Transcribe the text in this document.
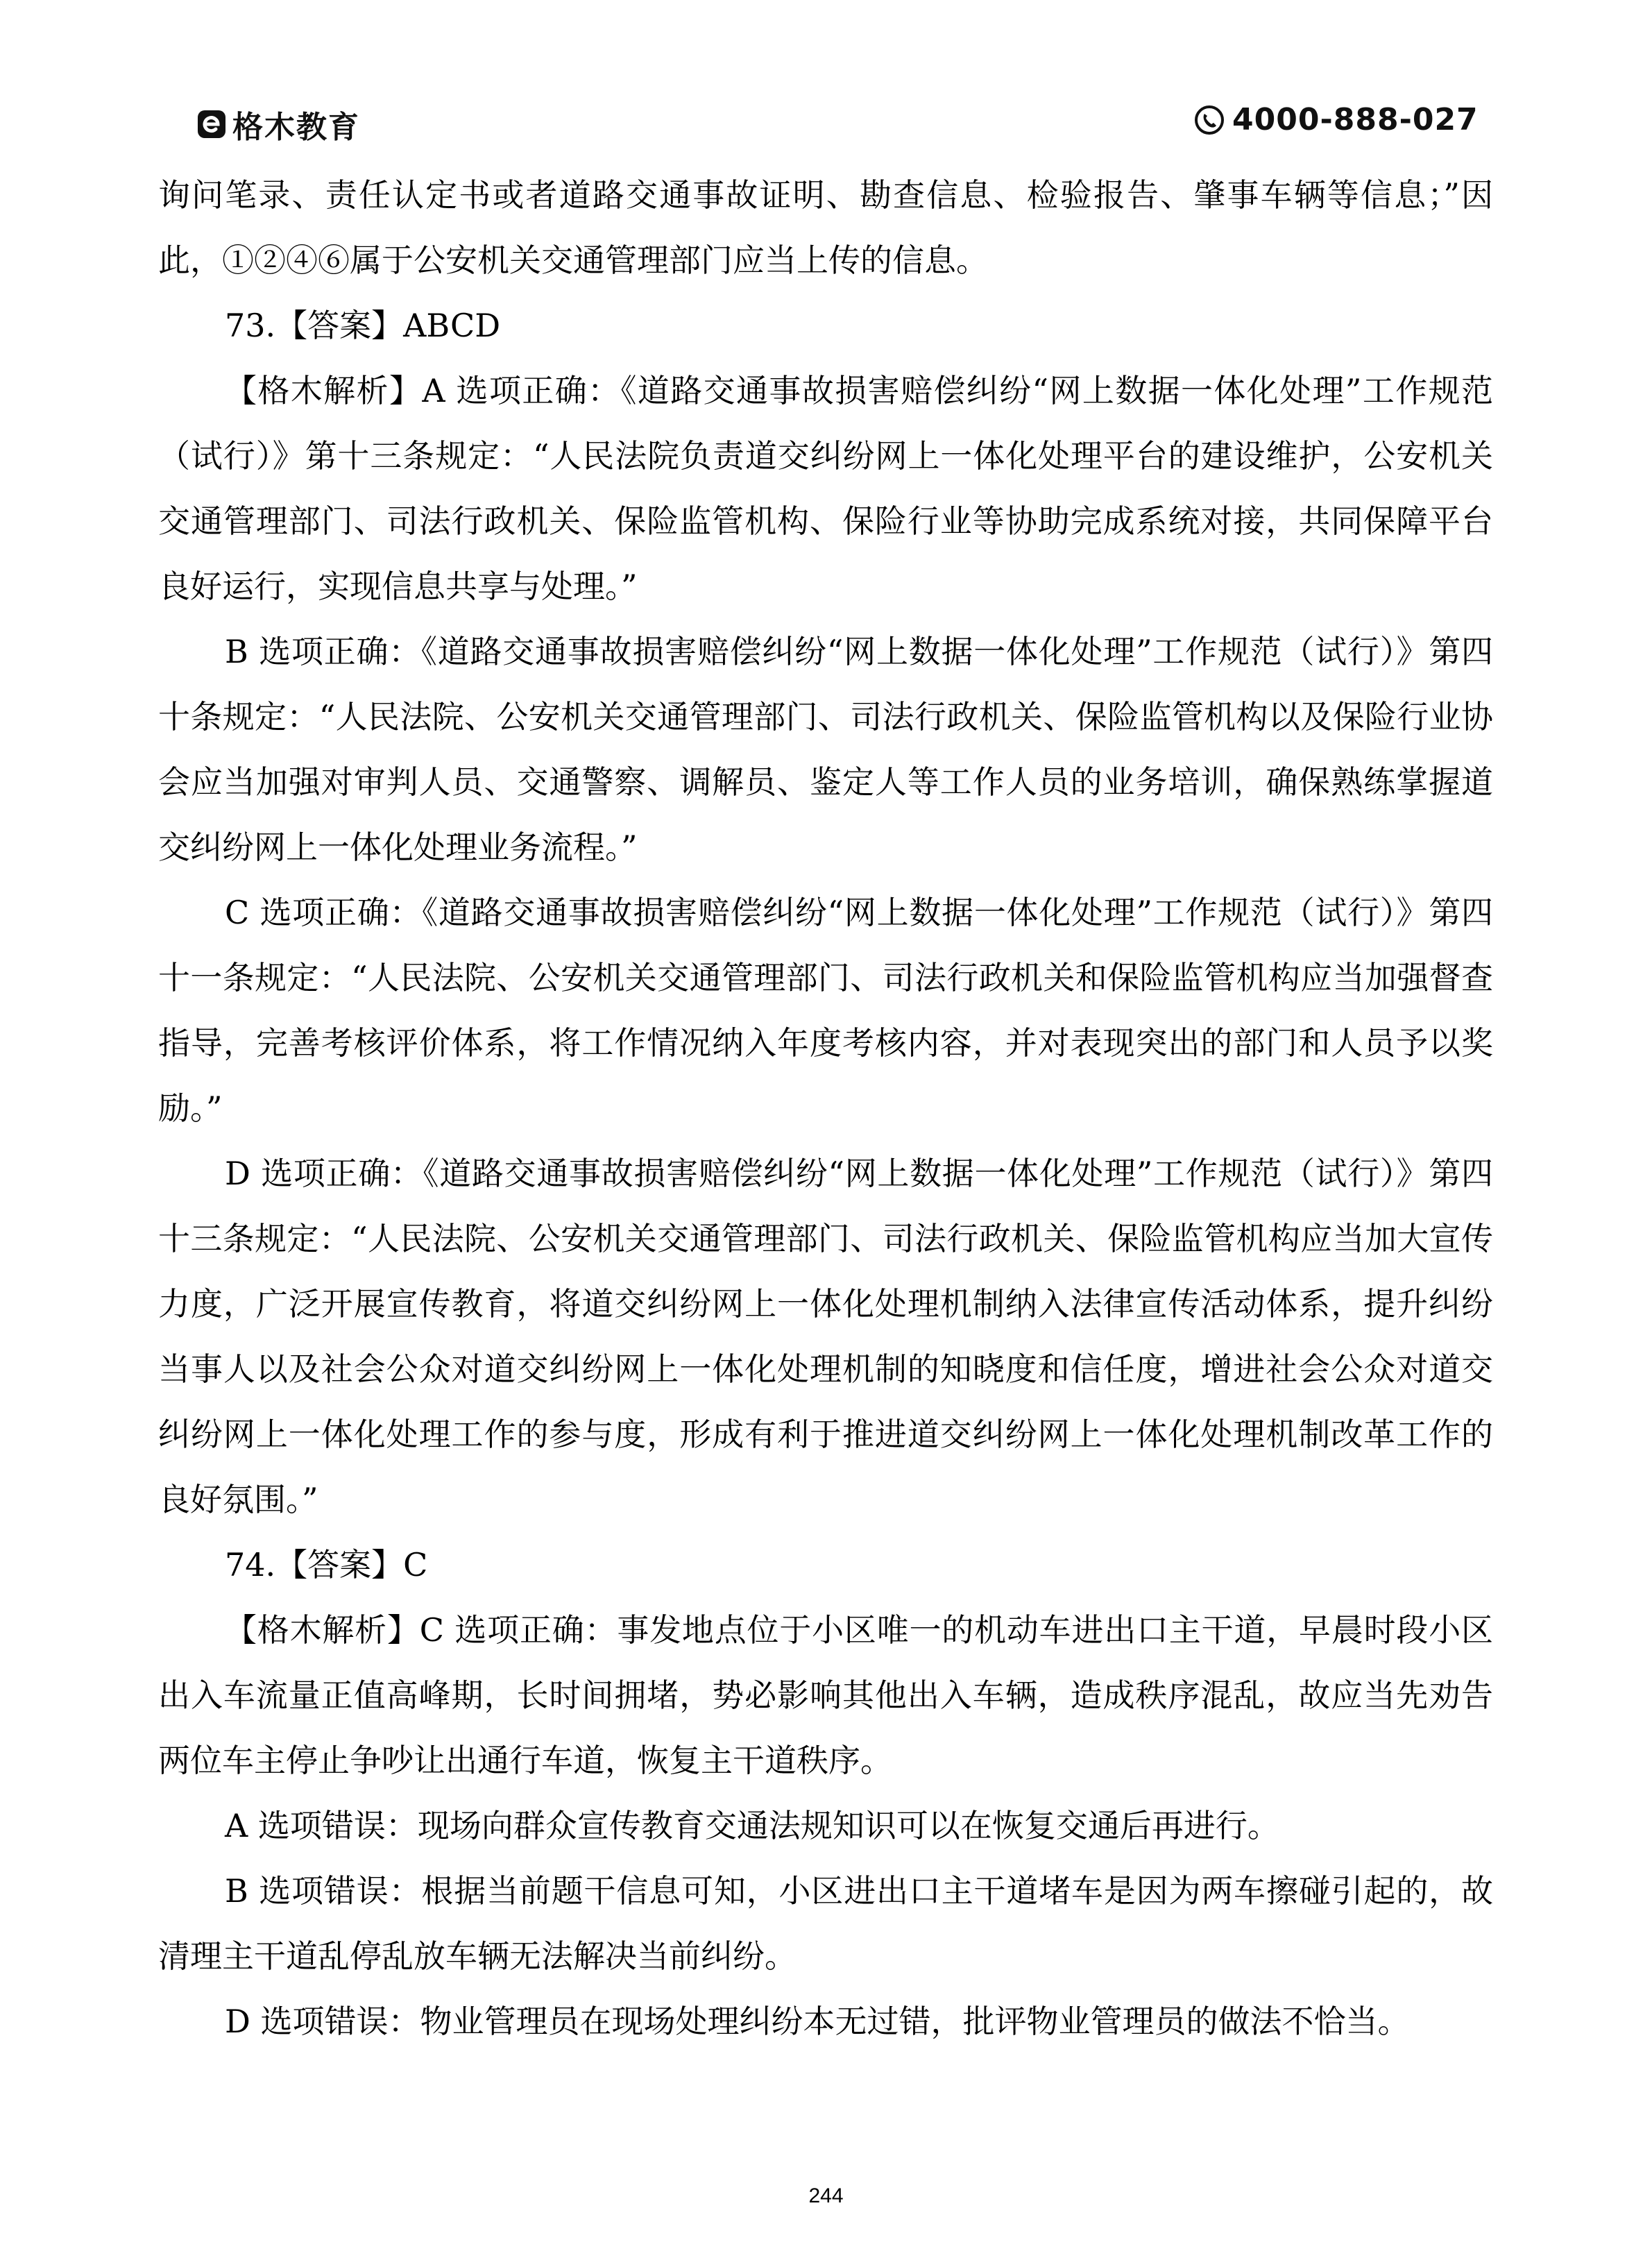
格木教育	4000-888-027

询问笔录、责任认定书或者道路交通事故证明、勘查信息、检验报告、肇事车辆等信息；”因此，①②④⑥属于公安机关交通管理部门应当上传的信息。

73.【答案】ABCD

【格木解析】A 选项正确：《道路交通事故损害赔偿纠纷“网上数据一体化处理”工作规范（试行）》第十三条规定：“人民法院负责道交纠纷网上一体化处理平台的建设维护，公安机关交通管理部门、司法行政机关、保险监管机构、保险行业等协助完成系统对接，共同保障平台良好运行，实现信息共享与处理。”

B 选项正确：《道路交通事故损害赔偿纠纷“网上数据一体化处理”工作规范（试行）》第四十条规定：“人民法院、公安机关交通管理部门、司法行政机关、保险监管机构以及保险行业协会应当加强对审判人员、交通警察、调解员、鉴定人等工作人员的业务培训，确保熟练掌握道交纠纷网上一体化处理业务流程。”

C 选项正确：《道路交通事故损害赔偿纠纷“网上数据一体化处理”工作规范（试行）》第四十一条规定：“人民法院、公安机关交通管理部门、司法行政机关和保险监管机构应当加强督查指导，完善考核评价体系，将工作情况纳入年度考核内容，并对表现突出的部门和人员予以奖励。”

D 选项正确：《道路交通事故损害赔偿纠纷“网上数据一体化处理”工作规范（试行）》第四十三条规定：“人民法院、公安机关交通管理部门、司法行政机关、保险监管机构应当加大宣传力度，广泛开展宣传教育，将道交纠纷网上一体化处理机制纳入法律宣传活动体系，提升纠纷当事人以及社会公众对道交纠纷网上一体化处理机制的知晓度和信任度，增进社会公众对道交纠纷网上一体化处理工作的参与度，形成有利于推进道交纠纷网上一体化处理机制改革工作的良好氛围。”

74.【答案】C

【格木解析】C 选项正确：事发地点位于小区唯一的机动车进出口主干道，早晨时段小区出入车流量正值高峰期，长时间拥堵，势必影响其他出入车辆，造成秩序混乱，故应当先劝告两位车主停止争吵让出通行车道，恢复主干道秩序。

A 选项错误：现场向群众宣传教育交通法规知识可以在恢复交通后再进行。

B 选项错误：根据当前题干信息可知，小区进出口主干道堵车是因为两车擦碰引起的，故清理主干道乱停乱放车辆无法解决当前纠纷。

D 选项错误：物业管理员在现场处理纠纷本无过错，批评物业管理员的做法不恰当。

244
